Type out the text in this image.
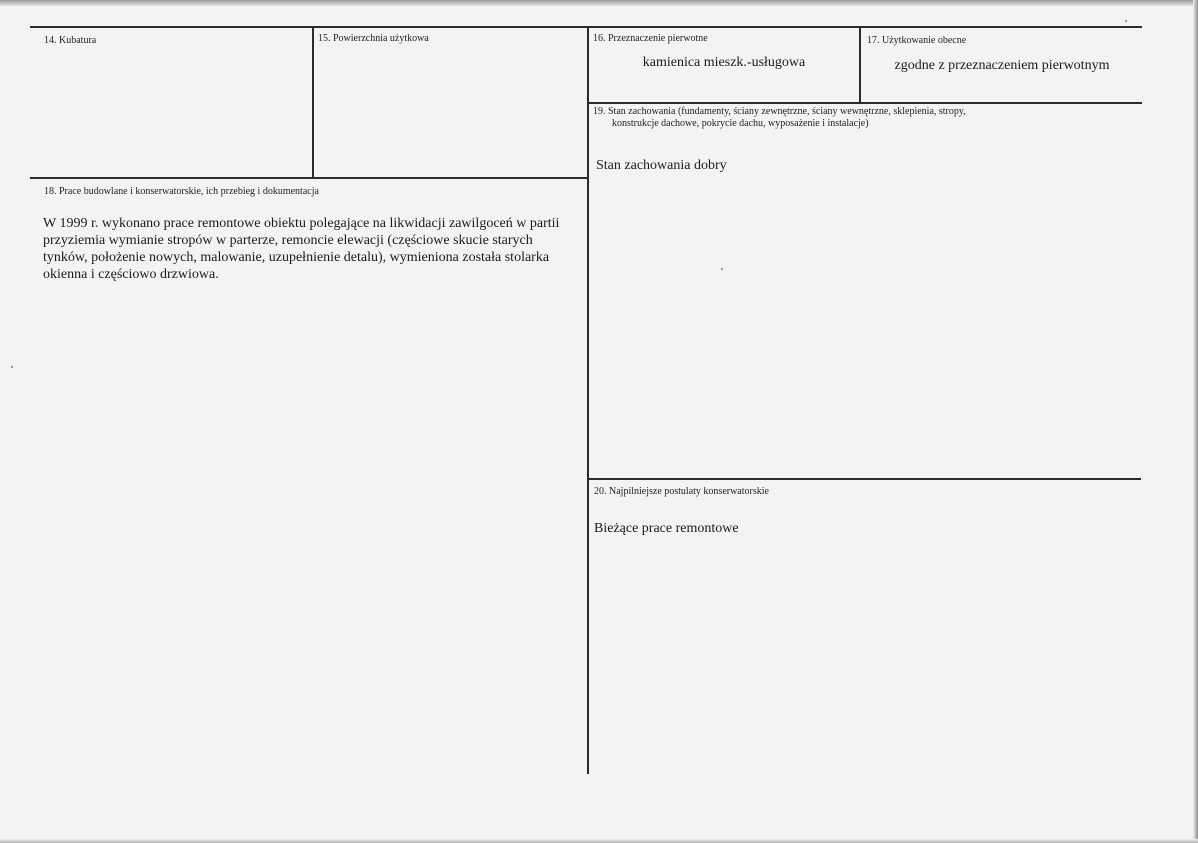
14. Kubatura	15. Powierzchnia użytkowa	16. Przeznaczenie pierwotne
kamienica mieszk.-usługowa
17. Użytkowanie obecne
zgodne z przeznaczeniem pierwotnym
19. Stan zachowania (fundamenty, ściany zewnętrzne, ściany wewnętrzne, sklepienia, stropy,
konstrukcje dachowe, pokrycie dachu, wyposażenie i instalacje)
Stan zachowania dobry
18. Prace budowlane i konserwatorskie, ich przebieg i dokumentacja
W 1999 r. wykonano prace remontowe obiektu polegające na likwidacji zawilgoceń w partii
przyziemia wymianie stropów w parterze, remoncie elewacji (częściowe skucie starych
tynków, położenie nowych, malowanie, uzupełnienie detalu), wymieniona została stolarka
okienna i częściowo drzwiowa.
20. Najpilniejsze postulaty konserwatorskie
Bieżące prace remontowe
